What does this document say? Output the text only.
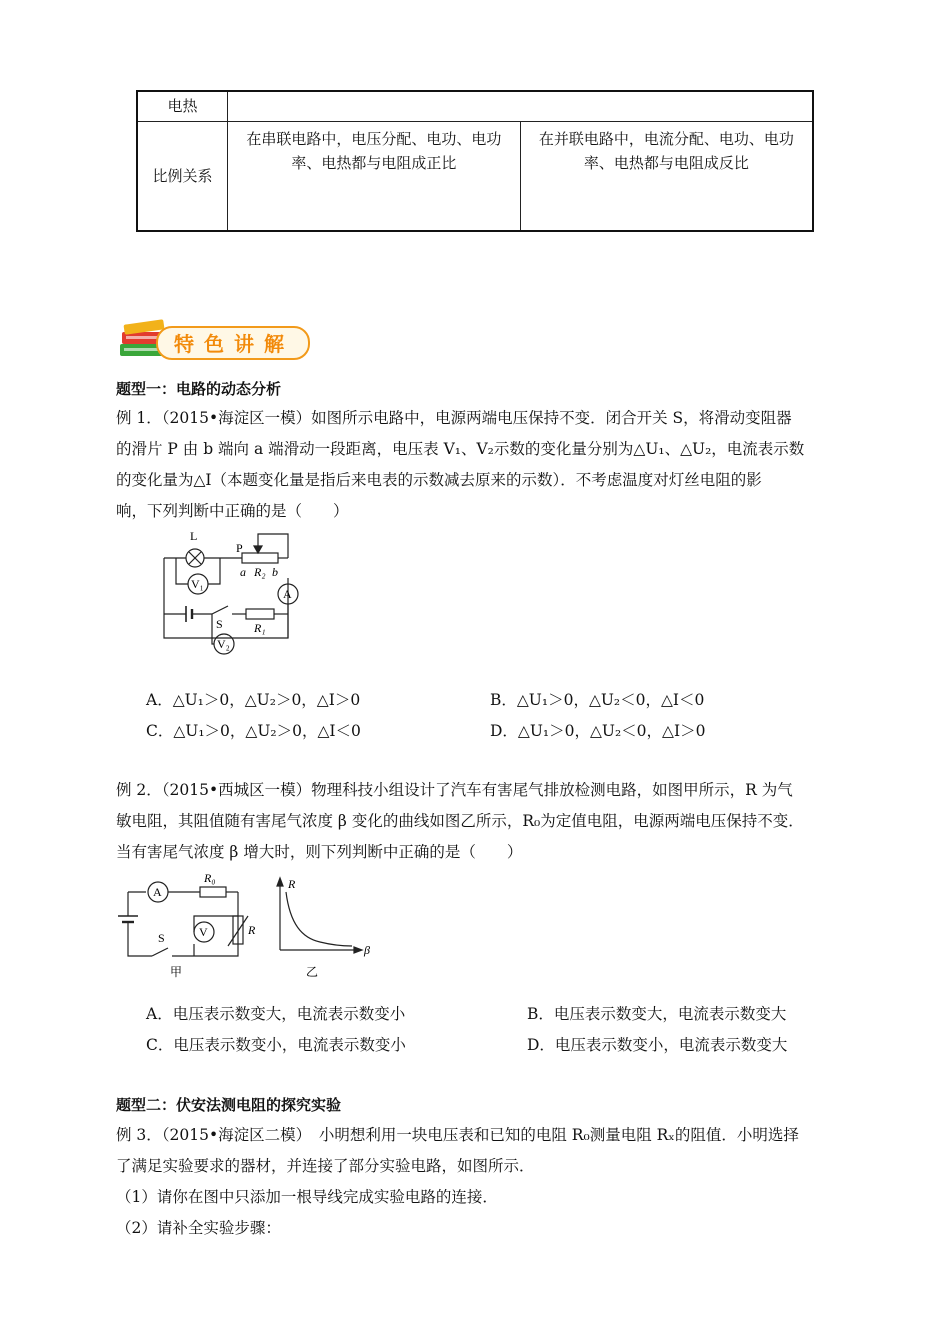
电热		
比例关系	在串联电路中，电压分配、电功、电功率、电热都与电阻成正比	在并联电路中，电流分配、电功、电功率、电热都与电阻成反比
特色讲解
题型一：电路的动态分析
例 1．（2015•海淀区一模）如图所示电路中，电源两端电压保持不变．闭合开关 S，将滑动变阻器
的滑片 P 由 b 端向 a 端滑动一段距离，电压表 V₁、V₂示数的变化量分别为△U₁、△U₂，电流表示数
的变化量为△I（本题变化量是指后来电表的示数减去原来的示数）．不考虑温度对灯丝电阻的影
响，下列判断中正确的是（　　）
L
P
a R₂ b
A
V₁
S	R₁
V₂
A．△U₁＞0，△U₂＞0，△I＞0	B．△U₁＞0，△U₂＜0，△I＜0
C．△U₁＞0，△U₂＞0，△I＜0	D．△U₁＞0，△U₂＜0，△I＞0
例 2．（2015•西城区一模）物理科技小组设计了汽车有害尾气排放检测电路，如图甲所示，R 为气
敏电阻，其阻值随有害尾气浓度 β 变化的曲线如图乙所示，R₀为定值电阻，电源两端电压保持不变．
当有害尾气浓度 β 增大时，则下列判断中正确的是（　　）
A
R₀
V	R
S
甲
R
β
乙
A．电压表示数变大，电流表示数变小	B．电压表示数变大，电流表示数变大
C．电压表示数变小，电流表示数变小	D．电压表示数变小，电流表示数变大
题型二：伏安法测电阻的探究实验
例 3．（2015•海淀区二模）　小明想利用一块电压表和已知的电阻 R₀测量电阻 Rₓ的阻值．小明选择
了满足实验要求的器材，并连接了部分实验电路，如图所示．
（1）请你在图中只添加一根导线完成实验电路的连接．
（2）请补全实验步骤：
